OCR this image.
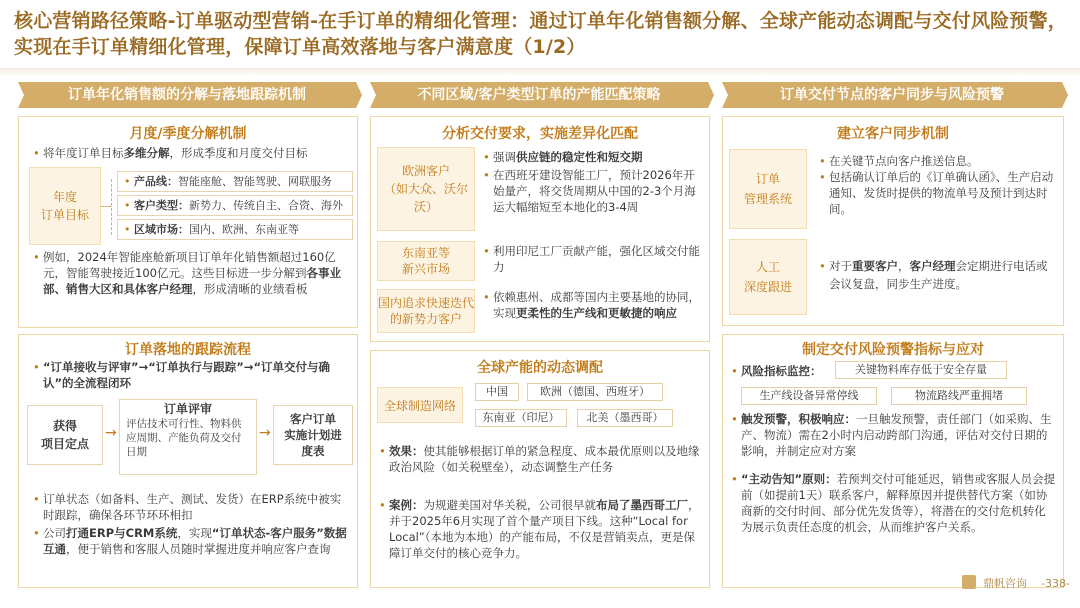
核心营销路径策略-订单驱动型营销-在手订单的精细化管理：通过订单年化销售额分解、全球产能动态调配与交付风险预警，实现在手订单精细化管理，保障订单高效落地与客户满意度（1/2）
订单年化销售额的分解与落地跟踪机制	不同区域/客户类型订单的产能匹配策略	订单交付节点的客户同步与风险预警
月度/季度分解机制
• 将年度订单目标多维分解，形成季度和月度交付目标
年度
订单目标
• 产品线：智能座舱、智能驾驶、网联服务
• 客户类型：新势力、传统自主、合资、海外
• 区域市场：国内、欧洲、东南亚等
• 例如，2024年智能座舱新项目订单年化销售额超过160亿元，智能驾驶接近100亿元。这些目标进一步分解到各事业部、销售大区和具体客户经理，形成清晰的业绩看板
订单落地的跟踪流程
• “订单接收与评审”→“订单执行与跟踪”→“订单交付与确认”的全流程闭环
获得
项目定点
→
订单评审
评估技术可行性、物料供应周期、产能负荷及交付日期
→
客户订单
实施计划进度表
• 订单状态（如备料、生产、测试、发货）在ERP系统中被实时跟踪，确保各环节环环相扣
• 公司打通ERP与CRM系统，实现“订单状态-客户服务”数据互通，便于销售和客服人员随时掌握进度并响应客户查询
分析交付要求，实施差异化匹配
欧洲客户
（如大众、沃尔沃）
• 强调供应链的稳定性和短交期
• 在西班牙建设智能工厂，预计2026年开始量产，将交货周期从中国的2-3个月海运大幅缩短至本地化的3-4周
东南亚等
新兴市场
• 利用印尼工厂贡献产能，强化区域交付能力
国内追求快速迭代的新势力客户
• 依赖惠州、成都等国内主要基地的协同，实现更柔性的生产线和更敏捷的响应
全球产能的动态调配
全球制造网络
中国	欧洲（德国、西班牙）
东南亚（印尼）	北美（墨西哥）
• 效果：使其能够根据订单的紧急程度、成本最优原则以及地缘政治风险（如关税壁垒），动态调整生产任务
• 案例：为规避美国对华关税，公司很早就布局了墨西哥工厂，并于2025年6月实现了首个量产项目下线。这种“Local for Local”（本地为本地）的产能布局，不仅是营销卖点，更是保障订单交付的核心竞争力。
建立客户同步机制
订单
管理系统
• 在关键节点向客户推送信息。
• 包括确认订单后的《订单确认函》、生产启动通知、发货时提供的物流单号及预计到达时间。
人工
深度跟进
• 对于重要客户，客户经理会定期进行电话或会议复盘，同步生产进度。
制定交付风险预警指标与应对
• 风险指标监控：	关键物料库存低于安全存量
生产线设备异常停线	物流路线严重拥堵
• 触发预警，积极响应：一旦触发预警，责任部门（如采购、生产、物流）需在2小时内启动跨部门沟通，评估对交付日期的影响，并制定应对方案
• “主动告知”原则：若预判交付可能延迟，销售或客服人员会提前（如提前1天）联系客户，解释原因并提供替代方案（如协商新的交付时间、部分优先发货等），将潜在的交付危机转化为展示负责任态度的机会，从而维护客户关系。
鼎帆咨询 -338-
